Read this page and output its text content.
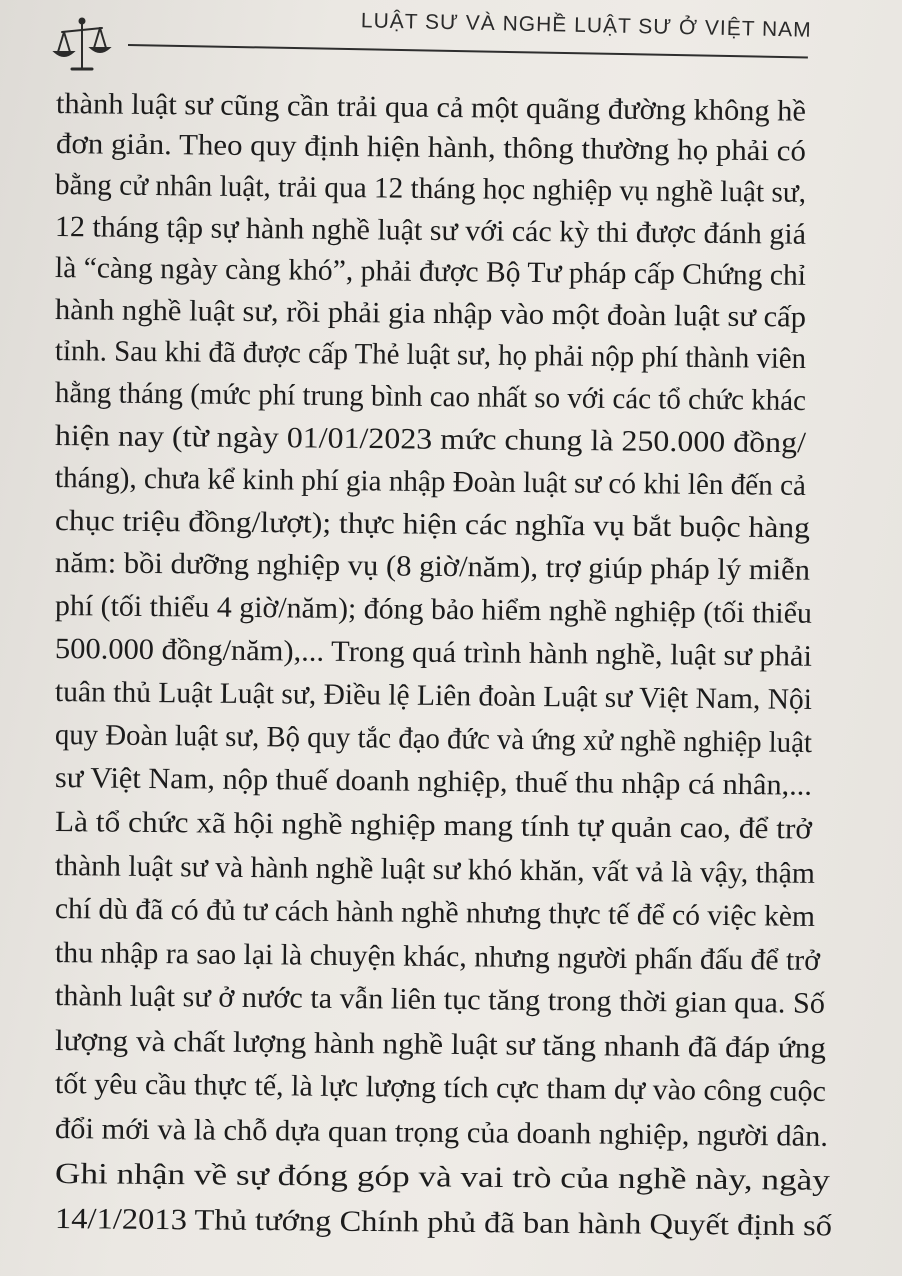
LUẬT SƯ VÀ NGHỀ LUẬT SƯ Ở VIỆT NAM
thành luật sư cũng cần trải qua cả một quãng đường không hề
đơn giản. Theo quy định hiện hành, thông thường họ phải có
bằng cử nhân luật, trải qua 12 tháng học nghiệp vụ nghề luật sư,
12 tháng tập sự hành nghề luật sư với các kỳ thi được đánh giá
là “càng ngày càng khó”, phải được Bộ Tư pháp cấp Chứng chỉ
hành nghề luật sư, rồi phải gia nhập vào một đoàn luật sư cấp
tỉnh. Sau khi đã được cấp Thẻ luật sư, họ phải nộp phí thành viên
hằng tháng (mức phí trung bình cao nhất so với các tổ chức khác
hiện nay (từ ngày 01/01/2023 mức chung là 250.000 đồng/
tháng), chưa kể kinh phí gia nhập Đoàn luật sư có khi lên đến cả
chục triệu đồng/lượt); thực hiện các nghĩa vụ bắt buộc hàng
năm: bồi dưỡng nghiệp vụ (8 giờ/năm), trợ giúp pháp lý miễn
phí (tối thiểu 4 giờ/năm); đóng bảo hiểm nghề nghiệp (tối thiểu
500.000 đồng/năm),... Trong quá trình hành nghề, luật sư phải
tuân thủ Luật Luật sư, Điều lệ Liên đoàn Luật sư Việt Nam, Nội
quy Đoàn luật sư, Bộ quy tắc đạo đức và ứng xử nghề nghiệp luật
sư Việt Nam, nộp thuế doanh nghiệp, thuế thu nhập cá nhân,...
Là tổ chức xã hội nghề nghiệp mang tính tự quản cao, để trở
thành luật sư và hành nghề luật sư khó khăn, vất vả là vậy, thậm
chí dù đã có đủ tư cách hành nghề nhưng thực tế để có việc kèm
thu nhập ra sao lại là chuyện khác, nhưng người phấn đấu để trở
thành luật sư ở nước ta vẫn liên tục tăng trong thời gian qua. Số
lượng và chất lượng hành nghề luật sư tăng nhanh đã đáp ứng
tốt yêu cầu thực tế, là lực lượng tích cực tham dự vào công cuộc
đổi mới và là chỗ dựa quan trọng của doanh nghiệp, người dân.
Ghi nhận về sự đóng góp và vai trò của nghề này, ngày
14/1/2013 Thủ tướng Chính phủ đã ban hành Quyết định số
